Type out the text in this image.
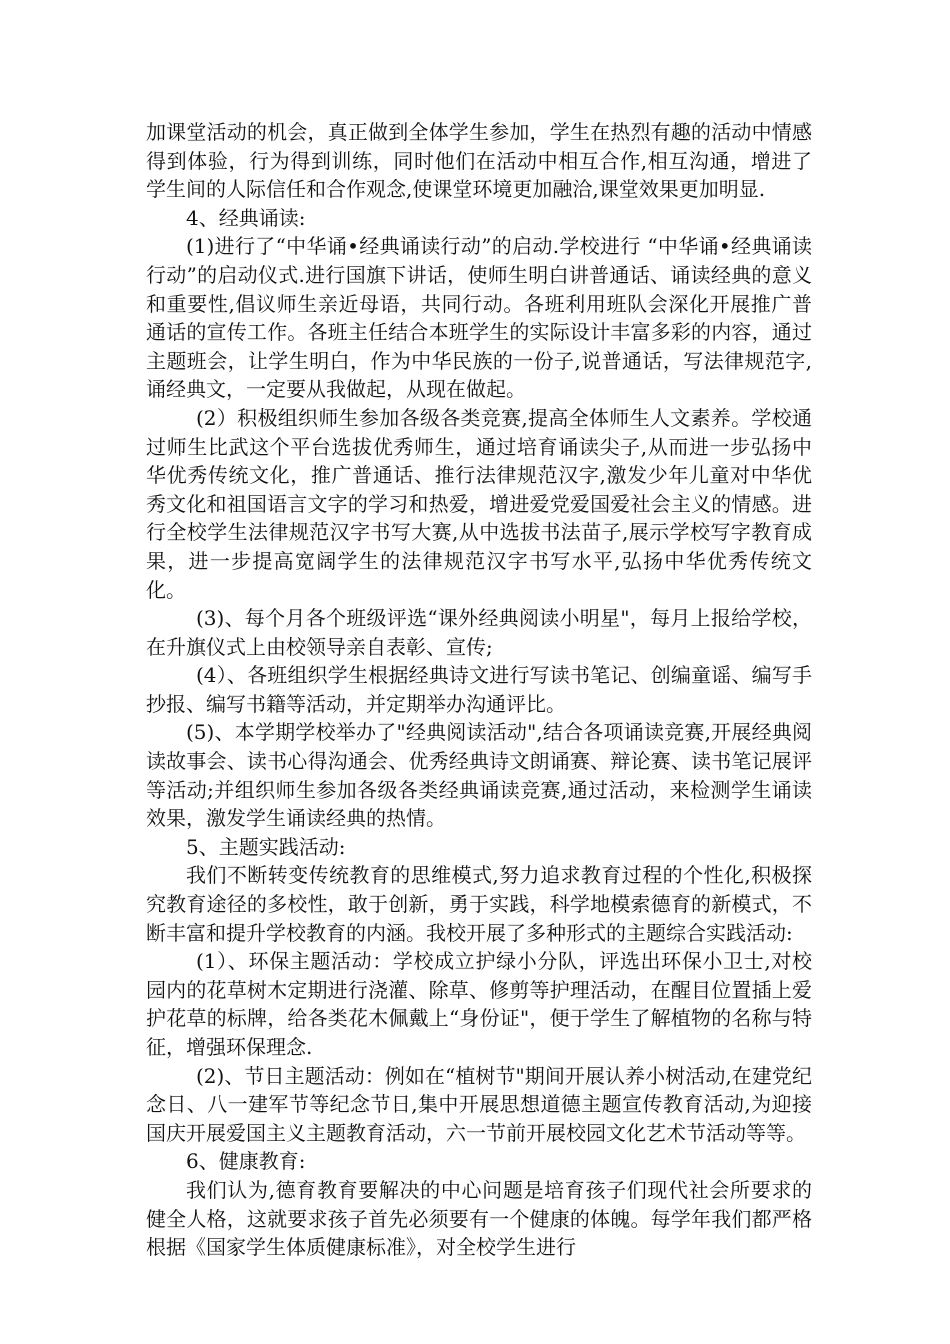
加课堂活动的机会，真正做到全体学生参加，学生在热烈有趣的活动中情感得到体验，行为得到训练，同时他们在活动中相互合作,相互沟通，增进了学生间的人际信任和合作观念,使课堂环境更加融洽,课堂效果更加明显.

4、经典诵读:

(1)进行了“中华诵•经典诵读行动”的启动.学校进行 “中华诵•经典诵读行动”的启动仪式.进行国旗下讲话，使师生明白讲普通话、诵读经典的意义和重要性,倡议师生亲近母语，共同行动。各班利用班队会深化开展推广普通话的宣传工作。各班主任结合本班学生的实际设计丰富多彩的内容，通过主题班会，让学生明白，作为中华民族的一份子,说普通话，写法律规范字,诵经典文，一定要从我做起，从现在做起。

(2）积极组织师生参加各级各类竞赛,提高全体师生人文素养。学校通过师生比武这个平台选拔优秀师生，通过培育诵读尖子,从而进一步弘扬中华优秀传统文化，推广普通话、推行法律规范汉字,激发少年儿童对中华优秀文化和祖国语言文字的学习和热爱，增进爱党爱国爱社会主义的情感。进行全校学生法律规范汉字书写大赛,从中选拔书法苗子,展示学校写字教育成果，进一步提高宽阔学生的法律规范汉字书写水平,弘扬中华优秀传统文化。

(3)、每个月各个班级评选“课外经典阅读小明星"，每月上报给学校，在升旗仪式上由校领导亲自表彰、宣传;

(4）、各班组织学生根据经典诗文进行写读书笔记、创编童谣、编写手抄报、编写书籍等活动，并定期举办沟通评比。

(5)、本学期学校举办了"经典阅读活动",结合各项诵读竞赛,开展经典阅读故事会、读书心得沟通会、优秀经典诗文朗诵赛、辩论赛、读书笔记展评等活动;并组织师生参加各级各类经典诵读竞赛,通过活动，来检测学生诵读效果，激发学生诵读经典的热情。

5、主题实践活动:

我们不断转变传统教育的思维模式,努力追求教育过程的个性化,积极探究教育途径的多校性，敢于创新，勇于实践，科学地模索德育的新模式，不断丰富和提升学校教育的内涵。我校开展了多种形式的主题综合实践活动:

(1）、环保主题活动：学校成立护绿小分队，评选出环保小卫士,对校园内的花草树木定期进行浇灌、除草、修剪等护理活动，在醒目位置插上爱护花草的标牌，给各类花木佩戴上“身份证"，便于学生了解植物的名称与特征，增强环保理念.

(2)、节日主题活动：例如在“植树节"期间开展认养小树活动,在建党纪念日、八一建军节等纪念节日,集中开展思想道德主题宣传教育活动,为迎接国庆开展爱国主义主题教育活动，六一节前开展校园文化艺术节活动等等。

6、健康教育:

我们认为,德育教育要解决的中心问题是培育孩子们现代社会所要求的健全人格，这就要求孩子首先必须要有一个健康的体魄。每学年我们都严格根据《国家学生体质健康标准》，对全校学生进行
